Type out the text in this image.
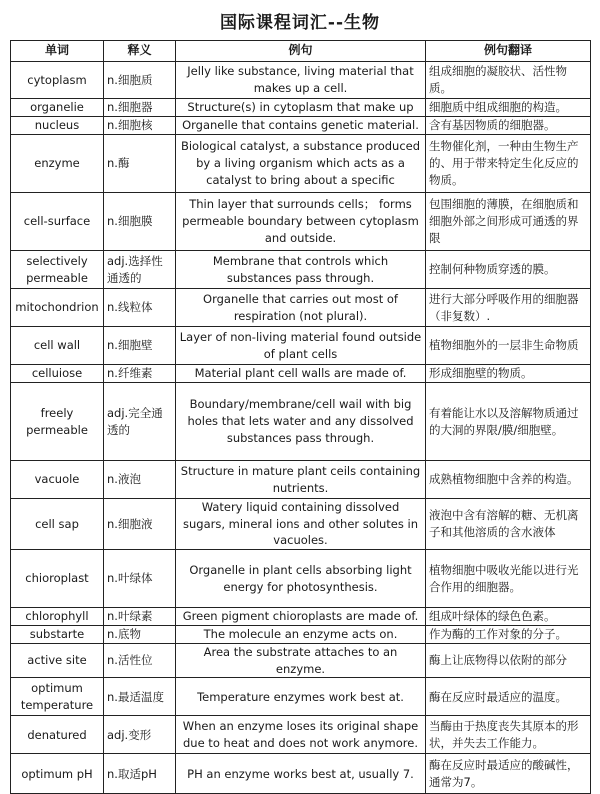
国际课程词汇--生物
单词	释义	例句	例句翻译
cytoplasm	n.细胞质	Jelly like substance, living material that makes up a cell.	组成细胞的凝胶状、活性物质。
organelie	n.细胞器	Structure(s) in cytoplasm that make up	细胞质中组成细胞的构造。
nucleus	n.细胞核	Organelle that contains genetic material.	含有基因物质的细胞器。
enzyme	n.酶	Biological catalyst, a substance produced by a living organism which acts as a catalyst to bring about a specific	生物催化剂，一种由生物生产的、用于带来特定生化反应的物质。
cell-surface	n.细胞膜	Thin layer that surrounds cells； forms permeable boundary between cytoplasm and outside.	包围细胞的薄膜，在细胞质和细胞外部之间形成可通透的界限
selectively permeable	adj.选择性通透的	Membrane that controls which substances pass through.	控制何种物质穿透的膜。
mitochondrion	n.线粒体	Organelle that carries out most of respiration (not plural).	进行大部分呼吸作用的细胞器（非复数）.
cell wall	n.细胞壁	Layer of non-living material found outside of plant cells	植物细胞外的一层非生命物质
celluiose	n.纤维素	Material plant cell walls are made of.	形成细胞壁的物质。
freely permeable	adj.完全通透的	Boundary/membrane/cell wail with big holes that lets water and any dissolved substances pass through.	有着能让水以及溶解物质通过的大洞的界限/膜/细胞壁。
vacuole	n.液泡	Structure in mature plant ceils containing nutrients.	成熟植物细胞中含养的构造。
cell sap	n.细胞液	Watery liquid containing dissolved sugars, mineral ions and other solutes in vacuoles.	液泡中含有溶解的糖、无机离子和其他溶质的含水液体
chioroplast	n.叶绿体	Organelle in plant cells absorbing light energy for photosynthesis.	植物细胞中吸收光能以进行光合作用的细胞器。
chlorophyll	n.叶绿素	Green pigment chioroplasts are made of.	组成叶绿体的绿色色素。
substarte	n.底物	The molecule an enzyme acts on.	作为酶的工作对象的分子。
active site	n.活性位	Area the substrate attaches to an enzyme.	酶上让底物得以依附的部分
optimum temperature	n.最适温度	Temperature enzymes work best at.	酶在反应时最适应的温度。
denatured	adj.变形	When an enzyme loses its original shape due to heat and does not work anymore.	当酶由于热度丧失其原本的形状，并失去工作能力。
optimum pH	n.取适pH	PH an enzyme works best at, usually 7.	酶在反应时最适应的酸碱性，通常为7。
